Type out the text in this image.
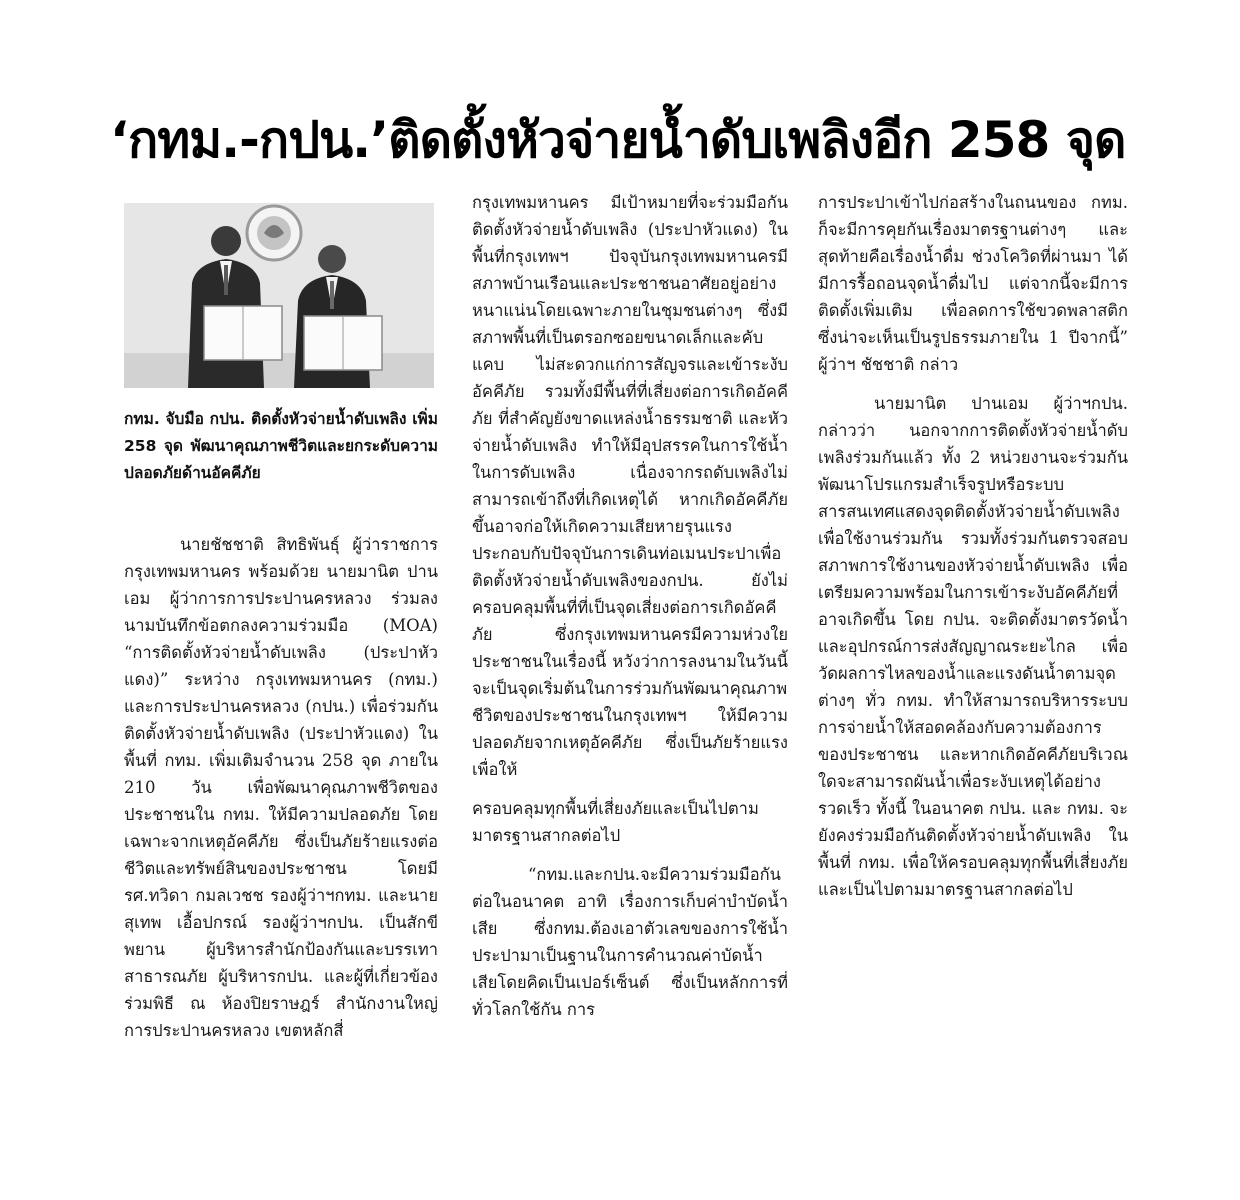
‘กทม.-กปน.’ติดตั้งหัวจ่ายน้ำดับเพลิงอีก 258 จุด
กทม. จับมือ กปน. ติดตั้งหัวจ่ายน้ำดับเพลิง เพิ่ม 258 จุด พัฒนาคุณภาพชีวิตและยกระดับความปลอดภัยด้านอัคคีภัย

นายชัชชาติ สิทธิพันธุ์ ผู้ว่าราชการกรุงเทพมหานคร พร้อมด้วย นายมานิต ปานเอม ผู้ว่าการการประปานครหลวง ร่วมลงนามบันทึกข้อตกลงความร่วมมือ (MOA) “การติดตั้งหัวจ่ายน้ำดับเพลิง (ประปาหัวแดง)” ระหว่าง กรุงเทพมหานคร (กทม.) และการประปานครหลวง (กปน.) เพื่อร่วมกันติดตั้งหัวจ่ายน้ำดับเพลิง (ประปาหัวแดง) ในพื้นที่ กทม. เพิ่มเติมจำนวน 258 จุด ภายใน 210 วัน เพื่อพัฒนาคุณภาพชีวิตของประชาชนใน กทม. ให้มีความปลอดภัย โดยเฉพาะจากเหตุอัคคีภัย ซึ่งเป็นภัยร้ายแรงต่อชีวิตและทรัพย์สินของประชาชน โดยมี รศ.ทวิดา กมลเวชช รองผู้ว่าฯกทม. และนายสุเทพ เอื้อปกรณ์ รองผู้ว่าฯกปน. เป็นสักขีพยาน ผู้บริหารสำนักป้องกันและบรรเทาสาธารณภัย ผู้บริหารกปน. และผู้ที่เกี่ยวข้อง ร่วมพิธี ณ ห้องปิยราษฎร์ สำนักงานใหญ่ การประปานครหลวง เขตหลักสี่

กรุงเทพมหานคร มีเป้าหมายที่จะร่วมมือกันติดตั้งหัวจ่ายน้ำดับเพลิง (ประปาหัวแดง) ในพื้นที่กรุงเทพฯ ปัจจุบันกรุงเทพมหานครมีสภาพบ้านเรือนและประชาชนอาศัยอยู่อย่างหนาแน่นโดยเฉพาะภายในชุมชนต่างๆ ซึ่งมีสภาพพื้นที่เป็นตรอกซอยขนาดเล็กและคับแคบ ไม่สะดวกแก่การสัญจรและเข้าระงับอัคคีภัย รวมทั้งมีพื้นที่ที่เสี่ยงต่อการเกิดอัคคีภัย ที่สำคัญยังขาดแหล่งน้ำธรรมชาติ และหัวจ่ายน้ำดับเพลิง ทำให้มีอุปสรรคในการใช้น้ำในการดับเพลิง เนื่องจากรถดับเพลิงไม่สามารถเข้าถึงที่เกิดเหตุได้ หากเกิดอัคคีภัยขึ้นอาจก่อให้เกิดความเสียหายรุนแรง ประกอบกับปัจจุบันการเดินท่อเมนประปาเพื่อติดตั้งหัวจ่ายน้ำดับเพลิงของกปน. ยังไม่ครอบคลุมพื้นที่ที่เป็นจุดเสี่ยงต่อการเกิดอัคคีภัย ซึ่งกรุงเทพมหานครมีความห่วงใยประชาชนในเรื่องนี้ หวังว่าการลงนามในวันนี้ จะเป็นจุดเริ่มต้นในการร่วมกันพัฒนาคุณภาพชีวิตของประชาชนในกรุงเทพฯ ให้มีความปลอดภัยจากเหตุอัคคีภัย ซึ่งเป็นภัยร้ายแรง เพื่อให้

ครอบคลุมทุกพื้นที่เสี่ยงภัยและเป็นไปตามมาตรฐานสากลต่อไป

“กทม.และกปน.จะมีความร่วมมือกันต่อในอนาคต อาทิ เรื่องการเก็บค่าบำบัดน้ำเสีย ซึ่งกทม.ต้องเอาตัวเลขของการใช้น้ำประปามาเป็นฐานในการคำนวณค่าบัดน้ำเสียโดยคิดเป็นเปอร์เซ็นต์ ซึ่งเป็นหลักการที่ทั่วโลกใช้กัน การ

การประปาเข้าไปก่อสร้างในถนนของ กทม. ก็จะมีการคุยกันเรื่องมาตรฐานต่างๆ และสุดท้ายคือเรื่องน้ำดื่ม ช่วงโควิดที่ผ่านมา ได้มีการรื้อถอนจุดน้ำดื่มไป แต่จากนี้จะมีการติดตั้งเพิ่มเติม เพื่อลดการใช้ขวดพลาสติก ซึ่งน่าจะเห็นเป็นรูปธรรมภายใน 1 ปีจากนี้” ผู้ว่าฯ ชัชชาติ กล่าว

นายมานิต ปานเอม ผู้ว่าฯกปน. กล่าวว่า นอกจากการติดตั้งหัวจ่ายน้ำดับเพลิงร่วมกันแล้ว ทั้ง 2 หน่วยงานจะร่วมกันพัฒนาโปรแกรมสำเร็จรูปหรือระบบสารสนเทศแสดงจุดติดตั้งหัวจ่ายน้ำดับเพลิงเพื่อใช้งานร่วมกัน รวมทั้งร่วมกันตรวจสอบสภาพการใช้งานของหัวจ่ายน้ำดับเพลิง เพื่อเตรียมความพร้อมในการเข้าระงับอัคคีภัยที่อาจเกิดขึ้น โดย กปน. จะติดตั้งมาตรวัดน้ำและอุปกรณ์การส่งสัญญาณระยะไกล เพื่อวัดผลการไหลของน้ำและแรงดันน้ำตามจุดต่างๆ ทั่ว กทม. ทำให้สามารถบริหารระบบการจ่ายน้ำให้สอดคล้องกับความต้องการของประชาชน และหากเกิดอัคคีภัยบริเวณใดจะสามารถผันน้ำเพื่อระงับเหตุได้อย่างรวดเร็ว ทั้งนี้ ในอนาคต กปน. และ กทม. จะยังคงร่วมมือกันติดตั้งหัวจ่ายน้ำดับเพลิง ในพื้นที่ กทม. เพื่อให้ครอบคลุมทุกพื้นที่เสี่ยงภัยและเป็นไปตามมาตรฐานสากลต่อไป
